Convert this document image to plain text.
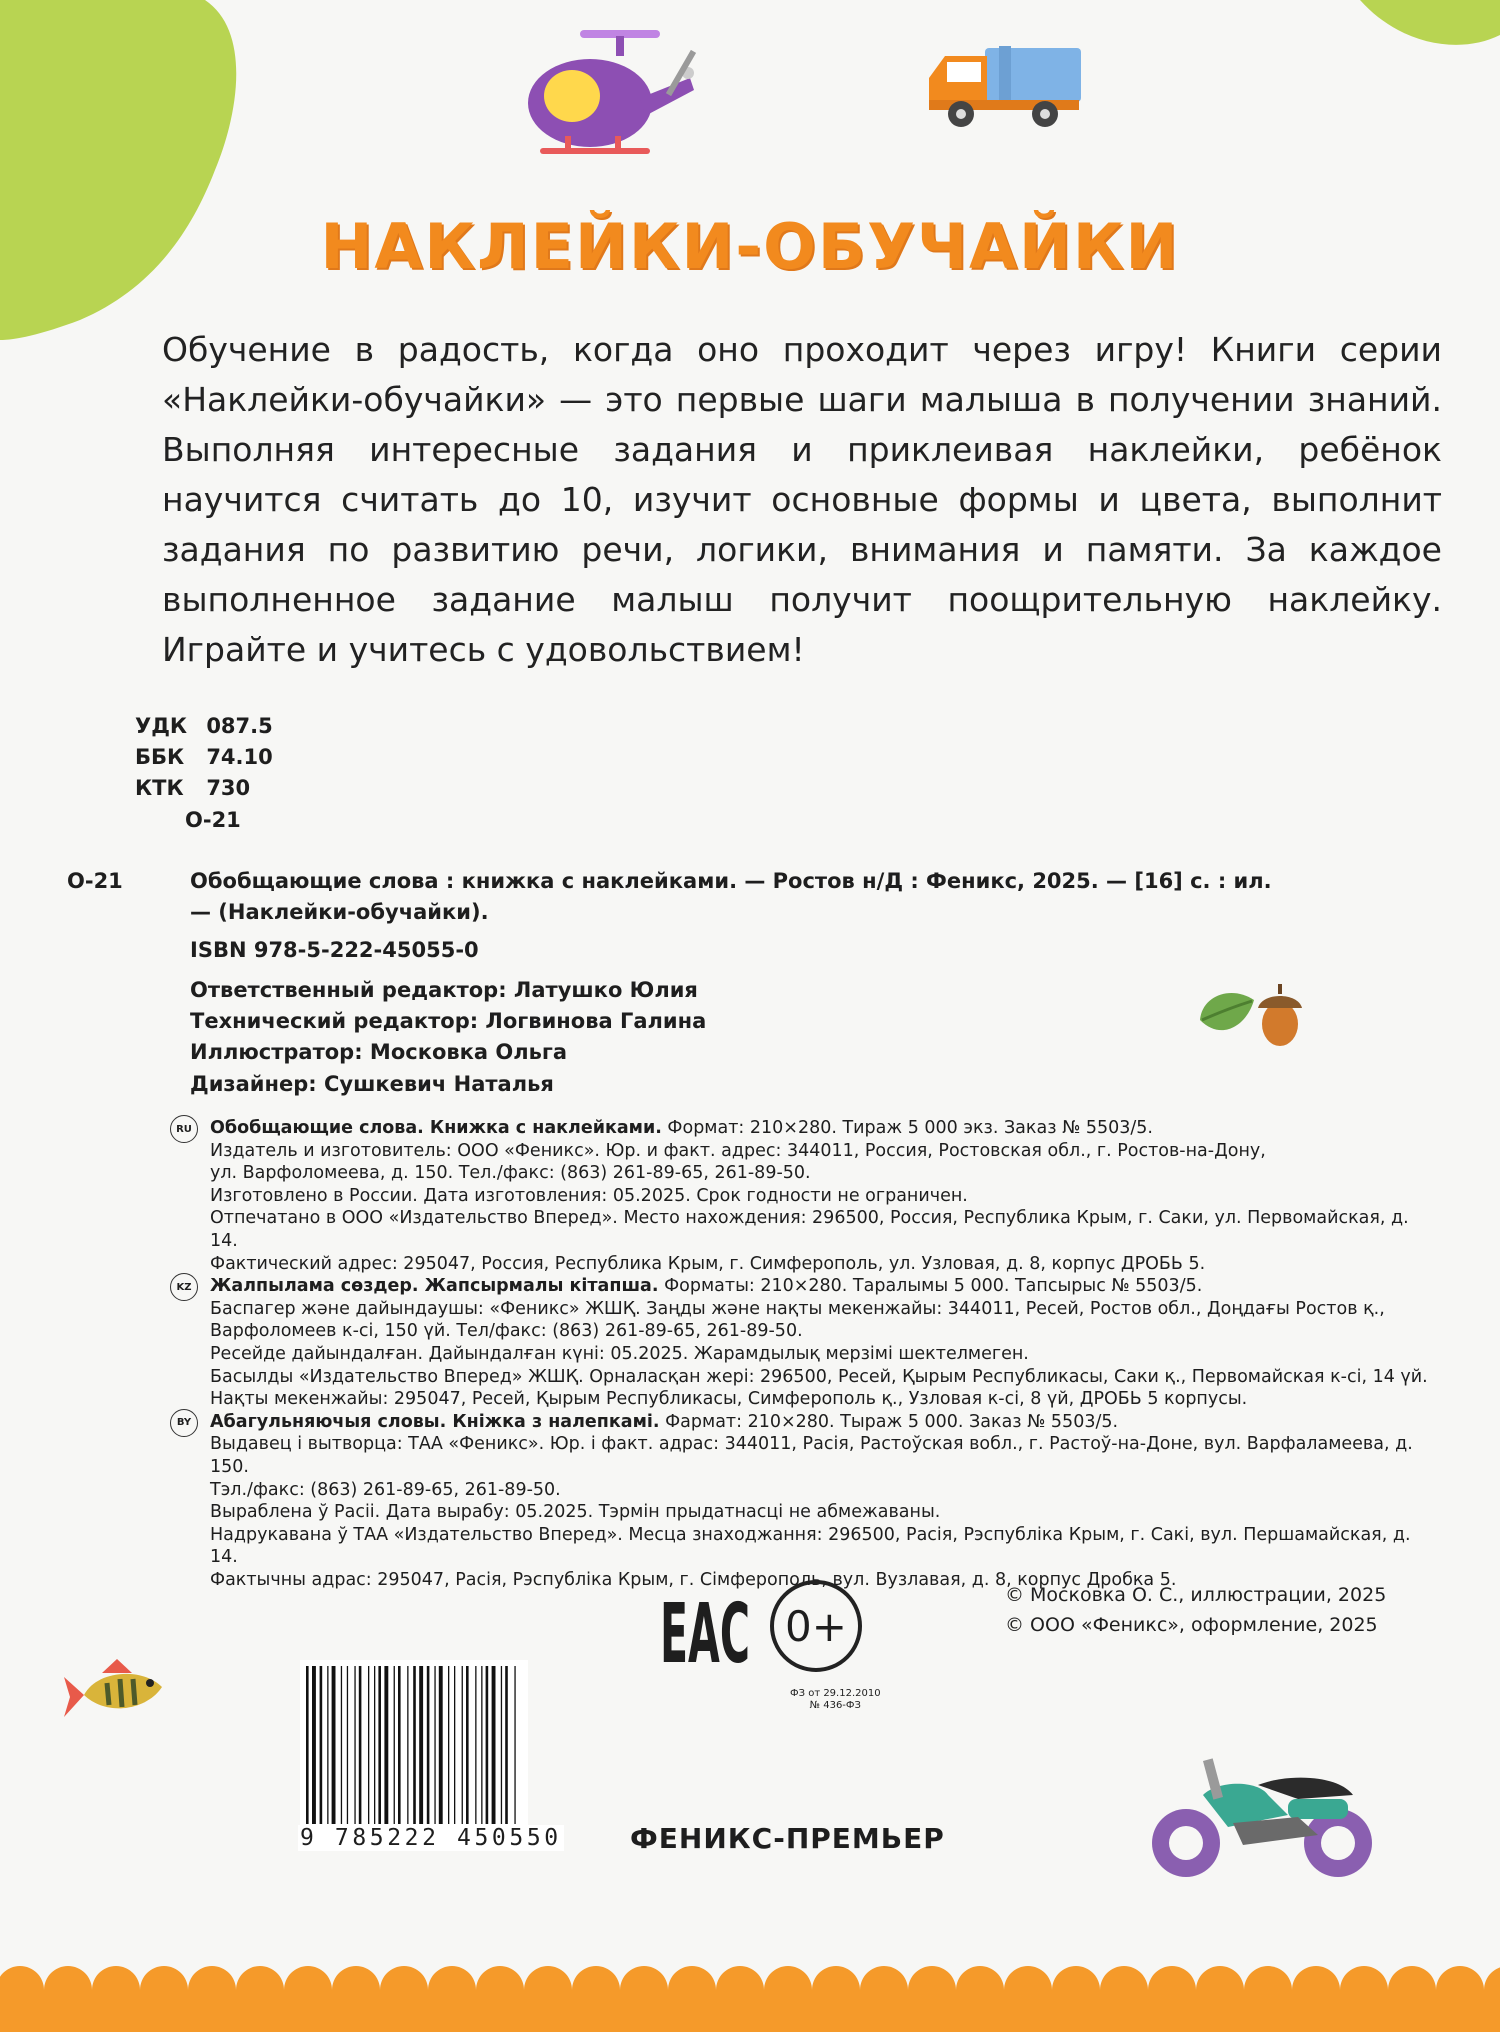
НАКЛЕЙКИ-ОБУЧАЙКИ
Обучение в радость, когда оно проходит через игру! Книги серии «Наклейки-обучайки» — это первые шаги малыша в получении знаний. Выполняя интересные задания и приклеивая наклейки, ребёнок научится считать до 10, изучит основные формы и цвета, выполнит задания по развитию речи, логики, внимания и памяти. За каждое выполненное задание малыш получит поощрительную наклейку. Играйте и учитесь с удовольствием!
УДК 087.5
ББК 74.10
КТК 730
О-21
О-21	Обобщающие слова : книжка с наклейками. — Ростов н/Д : Феникс, 2025. — [16] с. : ил.
— (Наклейки-обучайки).
ISBN 978-5-222-45055-0
Ответственный редактор: Латушко Юлия
Технический редактор: Логвинова Галина
Иллюстратор: Московка Ольга
Дизайнер: Сушкевич Наталья
RU	Обобщающие слова. Книжка с наклейками. Формат: 210×280. Тираж 5 000 экз. Заказ № 5503/5.
Издатель и изготовитель: ООО «Феникс». Юр. и факт. адрес: 344011, Россия, Ростовская обл., г. Ростов-на-Дону,
ул. Варфоломеева, д. 150. Тел./факс: (863) 261-89-65, 261-89-50.
Изготовлено в России. Дата изготовления: 05.2025. Срок годности не ограничен.
Отпечатано в ООО «Издательство Вперед». Место нахождения: 296500, Россия, Республика Крым, г. Саки, ул. Первомайская, д. 14.
Фактический адрес: 295047, Россия, Республика Крым, г. Симферополь, ул. Узловая, д. 8, корпус ДРОБЬ 5.
KZ	Жалпылама сөздер. Жапсырмалы кітапша. Форматы: 210×280. Таралымы 5 000. Тапсырыс № 5503/5.
Баспагер және дайындаушы: «Феникс» ЖШҚ. Заңды және нақты мекенжайы: 344011, Ресей, Ростов обл., Доңдағы Ростов қ.,
Варфоломеев к-сі, 150 үй. Тел/факс: (863) 261-89-65, 261-89-50.
Ресейде дайындалған. Дайындалған күні: 05.2025. Жарамдылық мерзімі шектелмеген.
Басылды «Издательство Вперед» ЖШҚ. Орналасқан жері: 296500, Ресей, Қырым Республикасы, Саки қ., Первомайская к-сі, 14 үй.
Нақты мекенжайы: 295047, Ресей, Қырым Республикасы, Симферополь қ., Узловая к-сі, 8 үй, ДРОБЬ 5 корпусы.
BY	Абагульняючыя словы. Кніжка з налепкамі. Фармат: 210×280. Тыраж 5 000. Заказ № 5503/5.
Выдавец і вытворца: ТАА «Феникс». Юр. і факт. адрас: 344011, Расія, Растоўская вобл., г. Растоў-на-Доне, вул. Варфаламеева, д. 150.
Тэл./факс: (863) 261-89-65, 261-89-50.
Выраблена ў Расіі. Дата вырабу: 05.2025. Тэрмін прыдатнасці не абмежаваны.
Надрукавана ў ТАА «Издательство Вперед». Месца знаходжання: 296500, Расія, Рэспубліка Крым, г. Сакі, вул. Першамайская, д. 14.
Фактычны адрас: 295047, Расія, Рэспубліка Крым, г. Сімферополь, вул. Вузлавая, д. 8, корпус Дробка 5.
EAC 0+
ФЗ от 29.12.2010
№ 436-ФЗ
© Московка О. С., иллюстрации, 2025
© ООО «Феникс», оформление, 2025
9 785222 450550 ФЕНИКС-ПРЕМЬЕР
